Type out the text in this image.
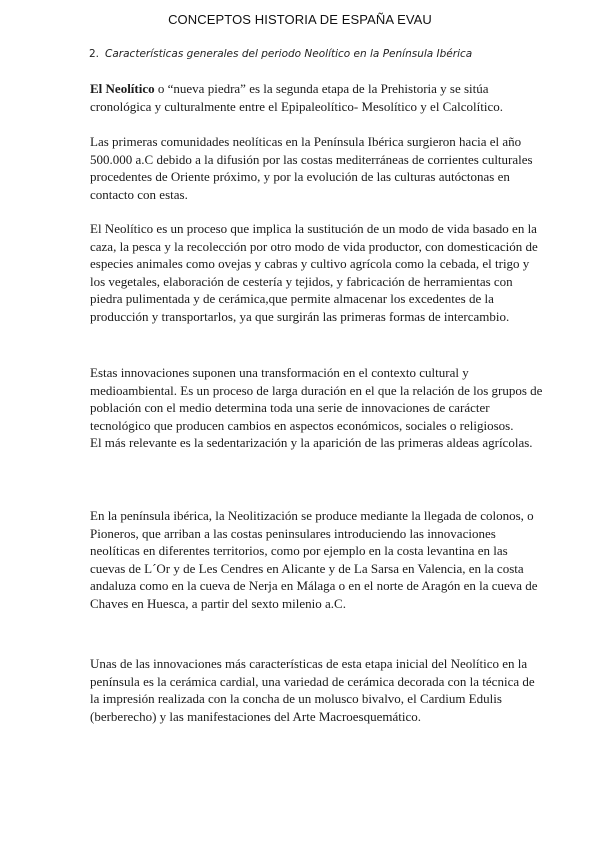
CONCEPTOS HISTORIA DE ESPAÑA EVAU
2. Características generales del periodo Neolítico en la Península Ibérica

El Neolítico o “nueva piedra” es la segunda etapa de la Prehistoria y se sitúa cronológica y culturalmente entre el Epipaleolítico- Mesolítico y el Calcolítico.

Las primeras comunidades neolíticas en la Península Ibérica surgieron hacia el año 500.000 a.C debido a la difusión por las costas mediterráneas de corrientes culturales procedentes de Oriente próximo, y por la evolución de las culturas autóctonas en contacto con estas.

El Neolítico es un proceso que implica la sustitución de un modo de vida basado en la caza, la pesca y la recolección por otro modo de vida productor, con domesticación de especies animales como ovejas y cabras y cultivo agrícola como la cebada, el trigo y los vegetales, elaboración de cestería y tejidos, y fabricación de herramientas con piedra pulimentada y de cerámica,que permite almacenar los excedentes de la producción y transportarlos, ya que surgirán las primeras formas de intercambio.

Estas innovaciones suponen una transformación en el contexto cultural y medioambiental. Es un proceso de larga duración en el que la relación de los grupos de población con el medio determina toda una serie de innovaciones de carácter tecnológico que producen cambios en aspectos económicos, sociales o religiosos.
El más relevante es la sedentarización y la aparición de las primeras aldeas agrícolas.

En la península ibérica, la Neolitización se produce mediante la llegada de colonos, o Pioneros, que arriban a las costas peninsulares introduciendo las innovaciones neolíticas en diferentes territorios, como por ejemplo en la costa levantina en las cuevas de L´Or y de Les Cendres en Alicante y de La Sarsa en Valencia, en la costa andaluza como en la cueva de Nerja en Málaga o en el norte de Aragón en la cueva de Chaves en Huesca, a partir del sexto milenio a.C.

Unas de las innovaciones más características de esta etapa inicial del Neolítico en la península es la cerámica cardial, una variedad de cerámica decorada con la técnica de la impresión realizada con la concha de un molusco bivalvo, el Cardium Edulis (berberecho) y las manifestaciones del Arte Macroesquemático.
